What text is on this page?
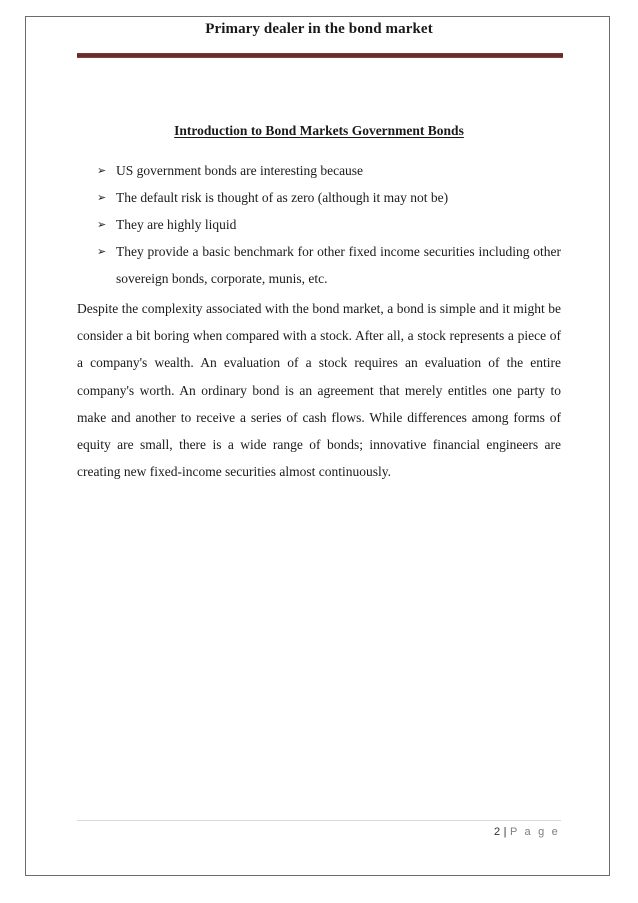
Primary dealer in the bond market
Introduction to Bond Markets Government Bonds
➢ US government bonds are interesting because
➢ The default risk is thought of as zero (although it may not be)
➢ They are highly liquid
➢ They provide a basic benchmark for other fixed income securities including other sovereign bonds, corporate, munis, etc.

Despite the complexity associated with the bond market, a bond is simple and it might be consider a bit boring when compared with a stock. After all, a stock represents a piece of a company's wealth. An evaluation of a stock requires an evaluation of the entire company's worth. An ordinary bond is an agreement that merely entitles one party to make and another to receive a series of cash flows. While differences among forms of equity are small, there is a wide range of bonds; innovative financial engineers are creating new fixed-income securities almost continuously.

2 | P a g e
